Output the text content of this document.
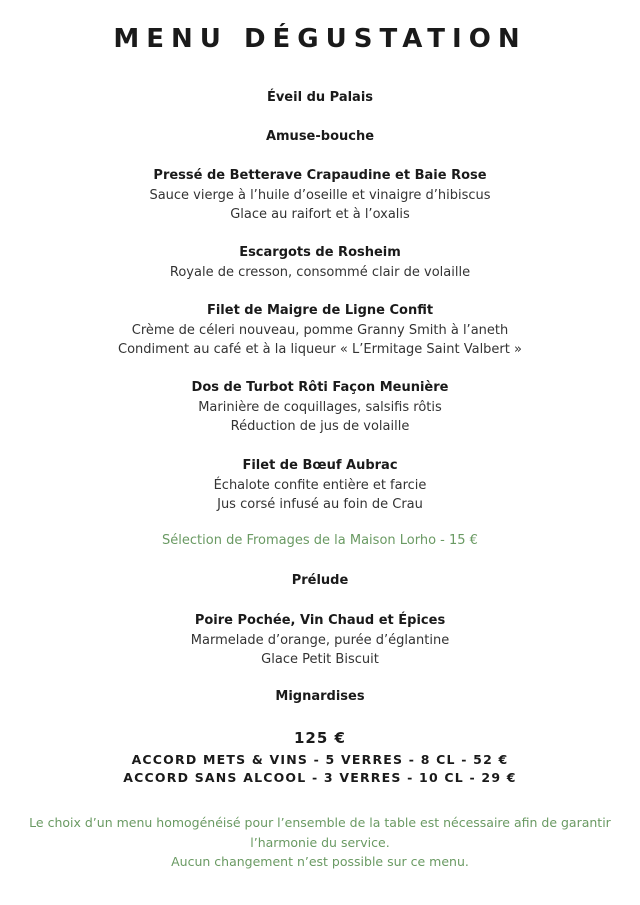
MENU DÉGUSTATION
Éveil du Palais
Amuse-bouche
Pressé de Betterave Crapaudine et Baie Rose
Sauce vierge à l’huile d’oseille et vinaigre d’hibiscus
Glace au raifort et à l’oxalis
Escargots de Rosheim
Royale de cresson, consommé clair de volaille
Filet de Maigre de Ligne Confit
Crème de céleri nouveau, pomme Granny Smith à l’aneth
Condiment au café et à la liqueur « L’Ermitage Saint Valbert »
Dos de Turbot Rôti Façon Meunière
Marinière de coquillages, salsifis rôtis
Réduction de jus de volaille
Filet de Bœuf Aubrac
Échalote confite entière et farcie
Jus corsé infusé au foin de Crau
Sélection de Fromages de la Maison Lorho - 15 €
Prélude
Poire Pochée, Vin Chaud et Épices
Marmelade d’orange, purée d’églantine
Glace Petit Biscuit
Mignardises
125 €
ACCORD METS & VINS - 5 VERRES - 8 CL - 52 €
ACCORD SANS ALCOOL - 3 VERRES - 10 CL - 29 €
Le choix d’un menu homogénéisé pour l’ensemble de la table est nécessaire afin de garantir
l’harmonie du service.
Aucun changement n’est possible sur ce menu.
